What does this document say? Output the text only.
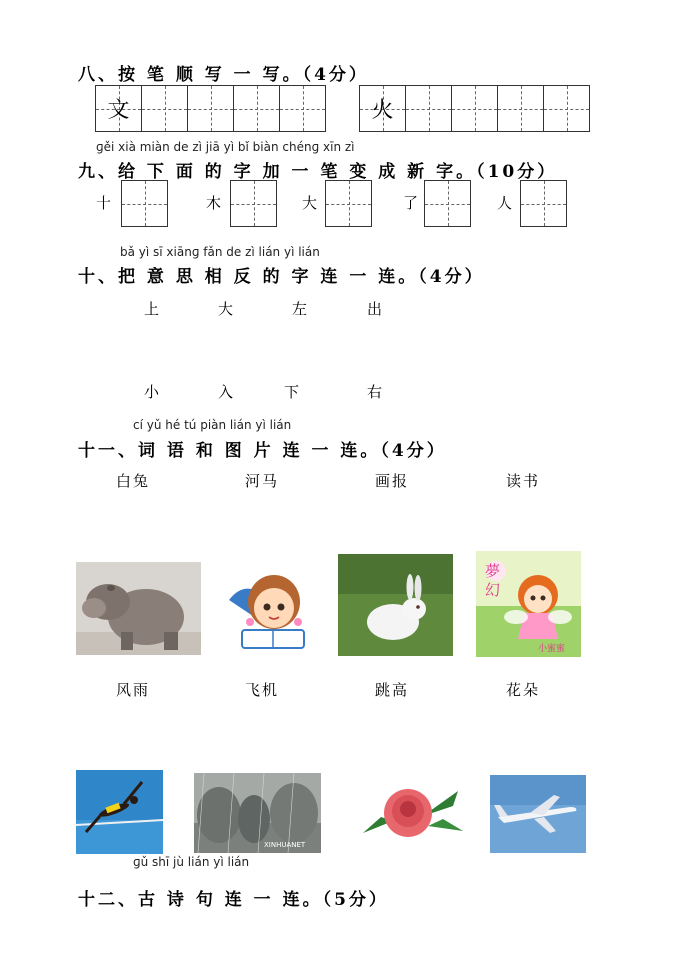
八、按 笔 顺 写 一 写。（4分）
文	火
ɡěi xià miàn de zì jiā yì bǐ biàn chénɡ xīn zì
九、给 下 面 的 字 加 一 笔 变 成 新 字。（10分）
十	木	大	了	人
bǎ yì sī xiānɡ fǎn de zì lián yì lián
十、把 意 思 相 反 的 字 连 一 连。（4分）
上	大	左	出
小	入	下	右
cí yǔ hé tú piàn lián yì lián
十一、词 语 和 图 片 连 一 连。（4分）
白兔	河马	画报	读书
夢
幻
小蜜蜜
风雨	飞机	跳高	花朵
XINHUANET
ɡǔ shī jù lián yì lián
十二、古 诗 句 连 一 连。（5分）
